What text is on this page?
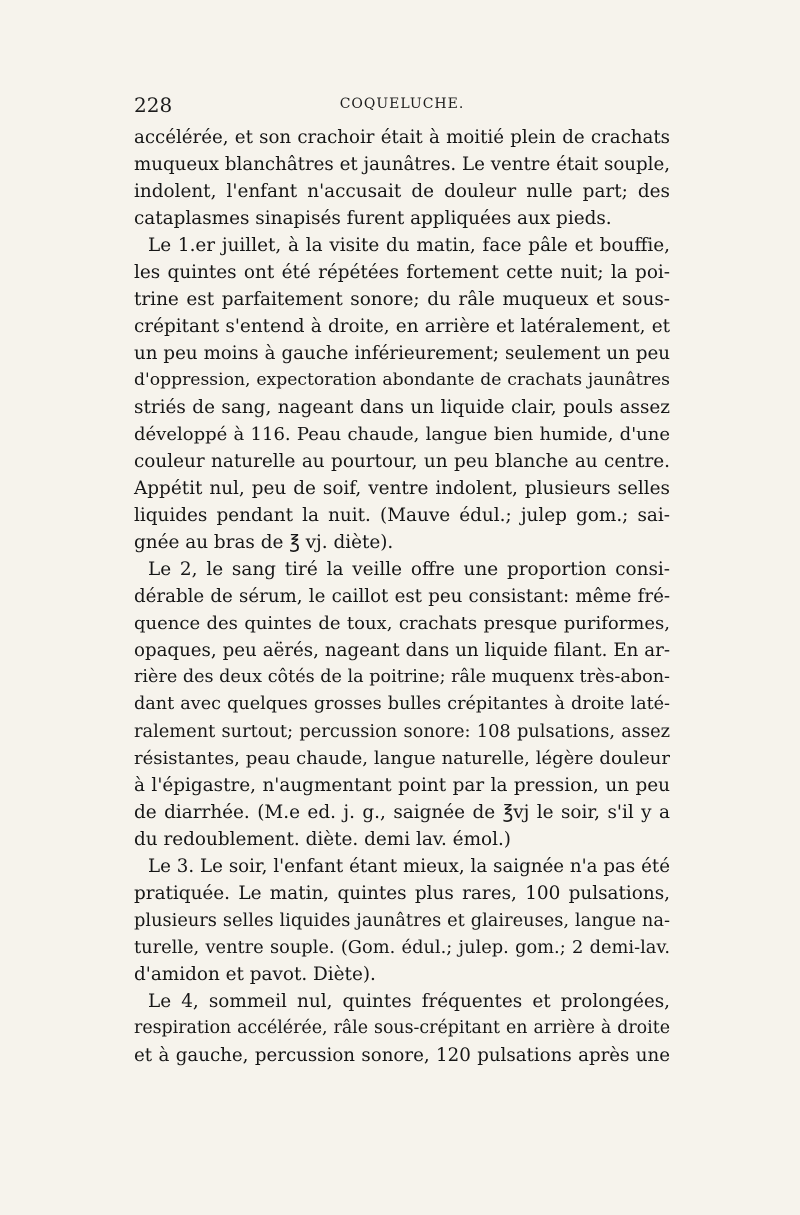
228	COQUELUCHE.
accélérée, et son crachoir était à moitié plein de crachats
muqueux blanchâtres et jaunâtres. Le ventre était souple,
indolent, l'enfant n'accusait de douleur nulle part; des
cataplasmes sinapisés furent appliquées aux pieds.
Le 1.er juillet, à la visite du matin, face pâle et bouffie,
les quintes ont été répétées fortement cette nuit; la poi-
trine est parfaitement sonore; du râle muqueux et sous-
crépitant s'entend à droite, en arrière et latéralement, et
un peu moins à gauche inférieurement; seulement un peu
d'oppression, expectoration abondante de crachats jaunâtres
striés de sang, nageant dans un liquide clair, pouls assez
développé à 116. Peau chaude, langue bien humide, d'une
couleur naturelle au pourtour, un peu blanche au centre.
Appétit nul, peu de soif, ventre indolent, plusieurs selles
liquides pendant la nuit. (Mauve édul.; julep gom.; sai-
gnée au bras de ℥ vj. diète).
Le 2, le sang tiré la veille offre une proportion consi-
dérable de sérum, le caillot est peu consistant: même fré-
quence des quintes de toux, crachats presque puriformes,
opaques, peu aërés, nageant dans un liquide filant. En ar-
rière des deux côtés de la poitrine; râle muquenx très-abon-
dant avec quelques grosses bulles crépitantes à droite laté-
ralement surtout; percussion sonore: 108 pulsations, assez
résistantes, peau chaude, langue naturelle, légère douleur
à l'épigastre, n'augmentant point par la pression, un peu
de diarrhée. (M.e ed. j. g., saignée de ℥vj le soir, s'il y a
du redoublement. diète. demi lav. émol.)
Le 3. Le soir, l'enfant étant mieux, la saignée n'a pas été
pratiquée. Le matin, quintes plus rares, 100 pulsations,
plusieurs selles liquides jaunâtres et glaireuses, langue na-
turelle, ventre souple. (Gom. édul.; julep. gom.; 2 demi-lav.
d'amidon et pavot. Diète).
Le 4, sommeil nul, quintes fréquentes et prolongées,
respiration accélérée, râle sous-crépitant en arrière à droite
et à gauche, percussion sonore, 120 pulsations après une
